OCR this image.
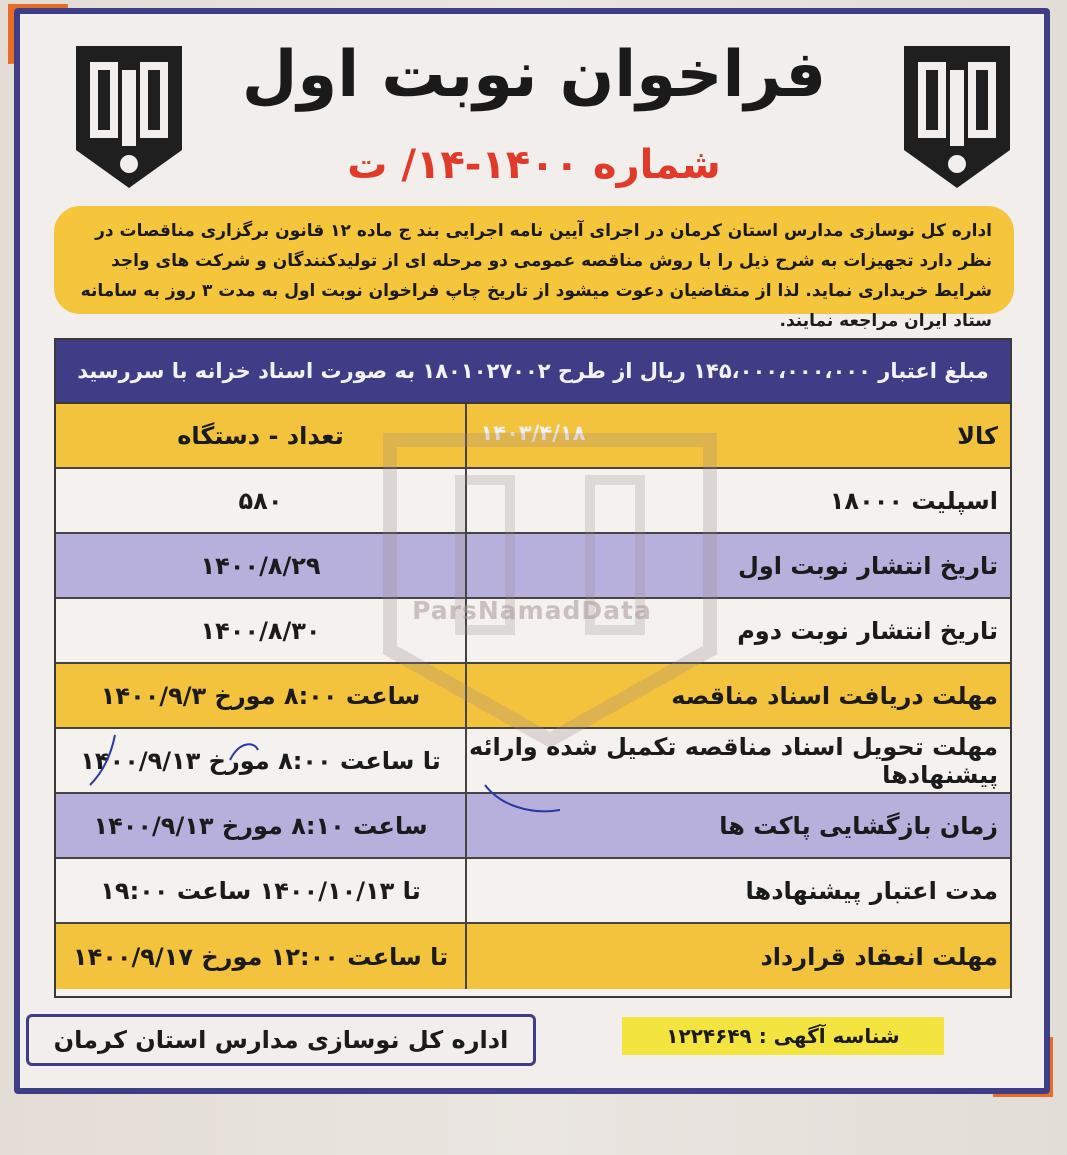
فراخوان نوبت اول
شماره ۱۴۰۰-۱۴/ ت
اداره کل نوسازی مدارس استان کرمان در اجرای آیین نامه اجرایی بند ج ماده ۱۲ قانون برگزاری مناقصات در نظر دارد تجهیزات به شرح ذیل را با روش مناقصه عمومی دو مرحله ای از تولیدکنندگان و شرکت های واجد شرایط خریداری نماید. لذا از متقاضیان دعوت میشود از تاریخ چاپ فراخوان نوبت اول به مدت ۳ روز به سامانه ستاد ایران مراجعه نمایند.
مبلغ اعتبار ۱۴۵،۰۰۰،۰۰۰،۰۰۰ ریال از طرح ۱۸۰۱۰۲۷۰۰۲ به صورت اسناد خزانه با سررسید ۱۴۰۳/۴/۱۸	کالا
تعداد - دستگاه
اسپلیت ۱۸۰۰۰
۵۸۰
تاریخ انتشار نوبت اول
۱۴۰۰/۸/۲۹
تاریخ انتشار نوبت دوم
۱۴۰۰/۸/۳۰
مهلت دریافت اسناد مناقصه
ساعت ۸:۰۰ مورخ ۱۴۰۰/۹/۳
مهلت تحویل اسناد مناقصه تکمیل شده وارائه پیشنهادها
تا ساعت ۸:۰۰ مورخ ۱۴۰۰/۹/۱۳
زمان بازگشایی پاکت ها
ساعت ۸:۱۰ مورخ ۱۴۰۰/۹/۱۳
مدت اعتبار پیشنهادها
تا ۱۴۰۰/۱۰/۱۳ ساعت ۱۹:۰۰
مهلت انعقاد قرارداد
تا ساعت ۱۲:۰۰ مورخ ۱۴۰۰/۹/۱۷
ParsNamadData
اداره کل نوسازی مدارس استان کرمان	شناسه آگهی : ۱۲۲۴۶۴۹
